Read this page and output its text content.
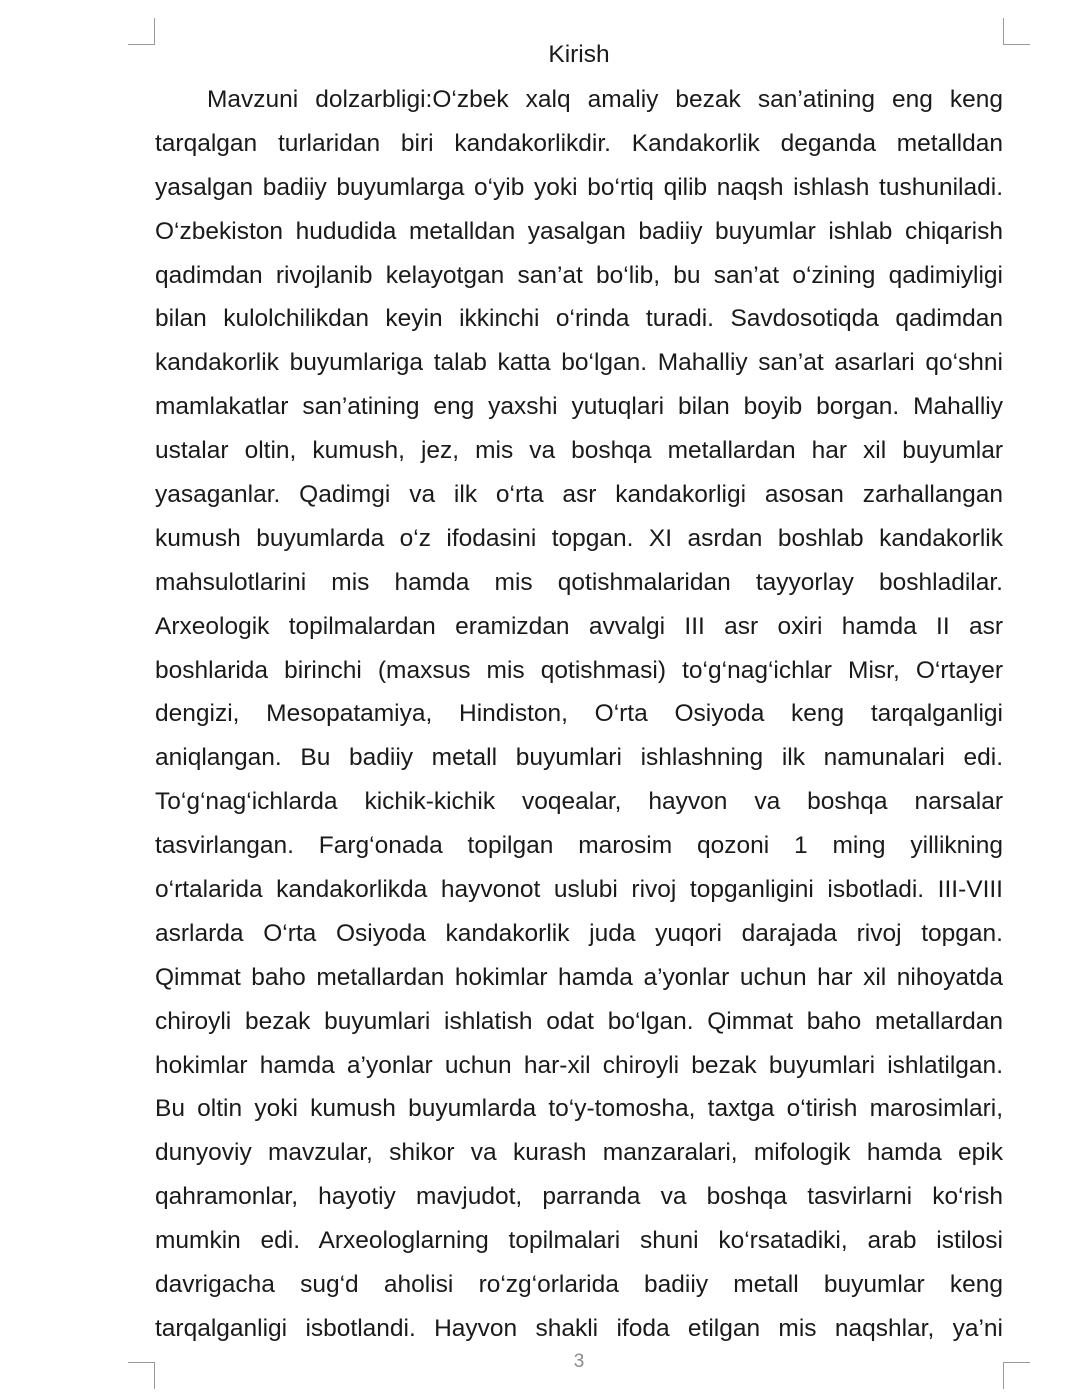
Kirish
Mavzuni dolzarbligi:O‘zbek xalq amaliy bezak san’atining eng keng
tarqalgan turlaridan biri kandakorlikdir. Kandakorlik deganda metalldan
yasalgan badiiy buyumlarga o‘yib yoki bo‘rtiq qilib naqsh ishlash tushuniladi.
O‘zbekiston hududida metalldan yasalgan badiiy buyumlar ishlab chiqarish
qadimdan rivojlanib kelayotgan san’at bo‘lib, bu san’at o‘zining qadimiyligi
bilan kulolchilikdan keyin ikkinchi o‘rinda turadi. Savdosotiqda qadimdan
kandakorlik buyumlariga talab katta bo‘lgan. Mahalliy san’at asarlari qo‘shni
mamlakatlar san’atining eng yaxshi yutuqlari bilan boyib borgan. Mahalliy
ustalar oltin, kumush, jez, mis va boshqa metallardan har xil buyumlar
yasaganlar. Qadimgi va ilk o‘rta asr kandakorligi asosan zarhallangan
kumush buyumlarda o‘z ifodasini topgan. XI asrdan boshlab kandakorlik
mahsulotlarini mis hamda mis qotishmalaridan tayyorlay boshladilar.
Arxeologik topilmalardan eramizdan avvalgi III asr oxiri hamda II asr
boshlarida birinchi (maxsus mis qotishmasi) to‘g‘nag‘ichlar Misr, O‘rtayer
dengizi, Mesopatamiya, Hindiston, O‘rta Osiyoda keng tarqalganligi
aniqlangan. Bu badiiy metall buyumlari ishlashning ilk namunalari edi.
To‘g‘nag‘ichlarda kichik-kichik voqealar, hayvon va boshqa narsalar
tasvirlangan. Farg‘onada topilgan marosim qozoni 1 ming yillikning
o‘rtalarida kandakorlikda hayvonot uslubi rivoj topganligini isbotladi. III-VIII
asrlarda O‘rta Osiyoda kandakorlik juda yuqori darajada rivoj topgan.
Qimmat baho metallardan hokimlar hamda a’yonlar uchun har xil nihoyatda
chiroyli bezak buyumlari ishlatish odat bo‘lgan. Qimmat baho metallardan
hokimlar hamda a’yonlar uchun har-xil chiroyli bezak buyumlari ishlatilgan.
Bu oltin yoki kumush buyumlarda to‘y-tomosha, taxtga o‘tirish marosimlari,
dunyoviy mavzular, shikor va kurash manzaralari, mifologik hamda epik
qahramonlar, hayotiy mavjudot, parranda va boshqa tasvirlarni ko‘rish
mumkin edi. Arxeologlarning topilmalari shuni ko‘rsatadiki, arab istilosi
davrigacha sug‘d aholisi ro‘zg‘orlarida badiiy metall buyumlar keng
tarqalganligi isbotlandi. Hayvon shakli ifoda etilgan mis naqshlar, ya’ni
3
